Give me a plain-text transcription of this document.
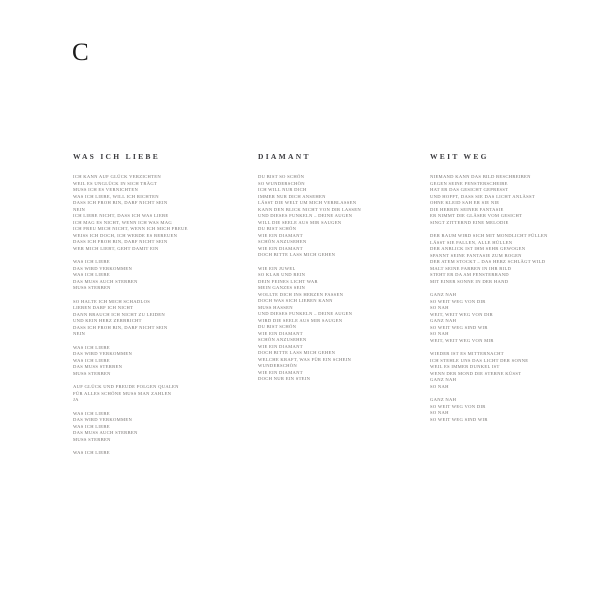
C
WAS ICH LIEBE

ICH KANN AUF GLÜCK VERZICHTEN

WEIL ES UNGLÜCK IN SICH TRÄGT

MUSS ICH ES VERNICHTEN

WAS ICH LIEBE, WILL ICH RICHTEN

DASS ICH FROH BIN, DARF NICHT SEIN

NEIN

ICH LIEBE NICHT, DASS ICH WAS LIEBE

ICH MAG ES NICHT, WENN ICH WAS MAG

ICH FREU MICH NICHT, WENN ICH MICH FREUE

WEISS ICH DOCH, ICH WERDE ES BEREUEN

DASS ICH FROH BIN, DARF NICHT SEIN

WER MICH LIEBT, GEHT DAMIT EIN

WAS ICH LIEBE

DAS WIRD VERKOMMEN

WAS ICH LIEBE

DAS MUSS AUCH STERBEN

MUSS STERBEN

SO HALTE ICH MICH SCHADLOS

LIEBEN DARF ICH NICHT

DANN BRAUCH ICH NICHT ZU LEIDEN

UND KEIN HERZ ZERBRICHT

DASS ICH FROH BIN, DARF NICHT SEIN

NEIN

WAS ICH LIEBE

DAS WIRD VERKOMMEN

WAS ICH LIEBE

DAS MUSS STERBEN

MUSS STERBEN

AUF GLÜCK UND FREUDE FOLGEN QUALEN

FÜR ALLES SCHÖNE MUSS MAN ZAHLEN

JA

WAS ICH LIEBE

DAS WIRD VERKOMMEN

WAS ICH LIEBE

DAS MUSS AUCH STERBEN

MUSS STERBEN

WAS ICH LIEBE

DIAMANT

DU BIST SO SCHÖN

SO WUNDERSCHÖN

ICH WILL NUR DICH

IMMER NUR DICH ANSEHEN

LÄSST DIE WELT UM MICH VERBLASSEN

KANN DEN BLICK NICHT VON DIR LASSEN

UND DIESES FUNKELN – DEINE AUGEN

WILL DIE SEELE AUS MIR SAUGEN

DU BIST SCHÖN

WIE EIN DIAMANT

SCHÖN ANZUSEHEN

WIE EIN DIAMANT

DOCH BITTE LASS MICH GEHEN

WIE EIN JUWEL

SO KLAR UND REIN

DEIN FEINES LICHT WAR

MEIN GANZES SEIN

WOLLTE DICH INS HERZEN FASSEN

DOCH WAS SICH LIEBEN KANN

MUSS HASSEN

UND DIESES FUNKELN – DEINE AUGEN

WIRD DIE SEELE AUS MIR SAUGEN

DU BIST SCHÖN

WIE EIN DIAMANT

SCHÖN ANZUSEHEN

WIE EIN DIAMANT

DOCH BITTE LASS MICH GEHEN

WELCHE KRAFT, WAS FÜR EIN SCHEIN

WUNDERSCHÖN

WIE EIN DIAMANT

DOCH NUR EIN STEIN

WEIT WEG

NIEMAND KANN DAS BILD BESCHREIBEN

GEGEN SEINE FENSTERSCHEIBE

HAT ER DAS GESICHT GEPRESST

UND HOFFT, DASS SIE DAS LICHT ANLÄSST

OHNE KLEID SAH ER SIE NIE

DIE HERRIN SEINER FANTASIE

ER NIMMT DIE GLÄSER VOM GESICHT

SINGT ZITTERND EINE MELODIE

DER RAUM WIRD SICH MIT MONDLICHT FÜLLEN

LÄSST SIE FALLEN, ALLE HÜLLEN

DER ANBLICK IST IHM SEHR GEWOGEN

SPANNT SEINE FANTASIE ZUM BOGEN

DER ATEM STOCKT – DAS HERZ SCHLÄGT WILD

MALT SEINE FARBEN IN IHR BILD

STEHT ER DA AM FENSTERRAND

MIT EINER SONNE IN DER HAND

GANZ NAH

SO WEIT WEG VON DIR

SO NAH

WEIT, WEIT WEG VON DIR

GANZ NAH

SO WEIT WEG SIND WIR

SO NAH

WEIT, WEIT WEG VON MIR

WIEDER IST ES MITTERNACHT

ICH STEHLE UNS DAS LICHT DER SONNE

WEIL ES IMMER DUNKEL IST

WENN DER MOND DIE STERNE KÜSST

GANZ NAH

SO NAH

GANZ NAH

SO WEIT WEG VON DIR

SO NAH

SO WEIT WEG SIND WIR
